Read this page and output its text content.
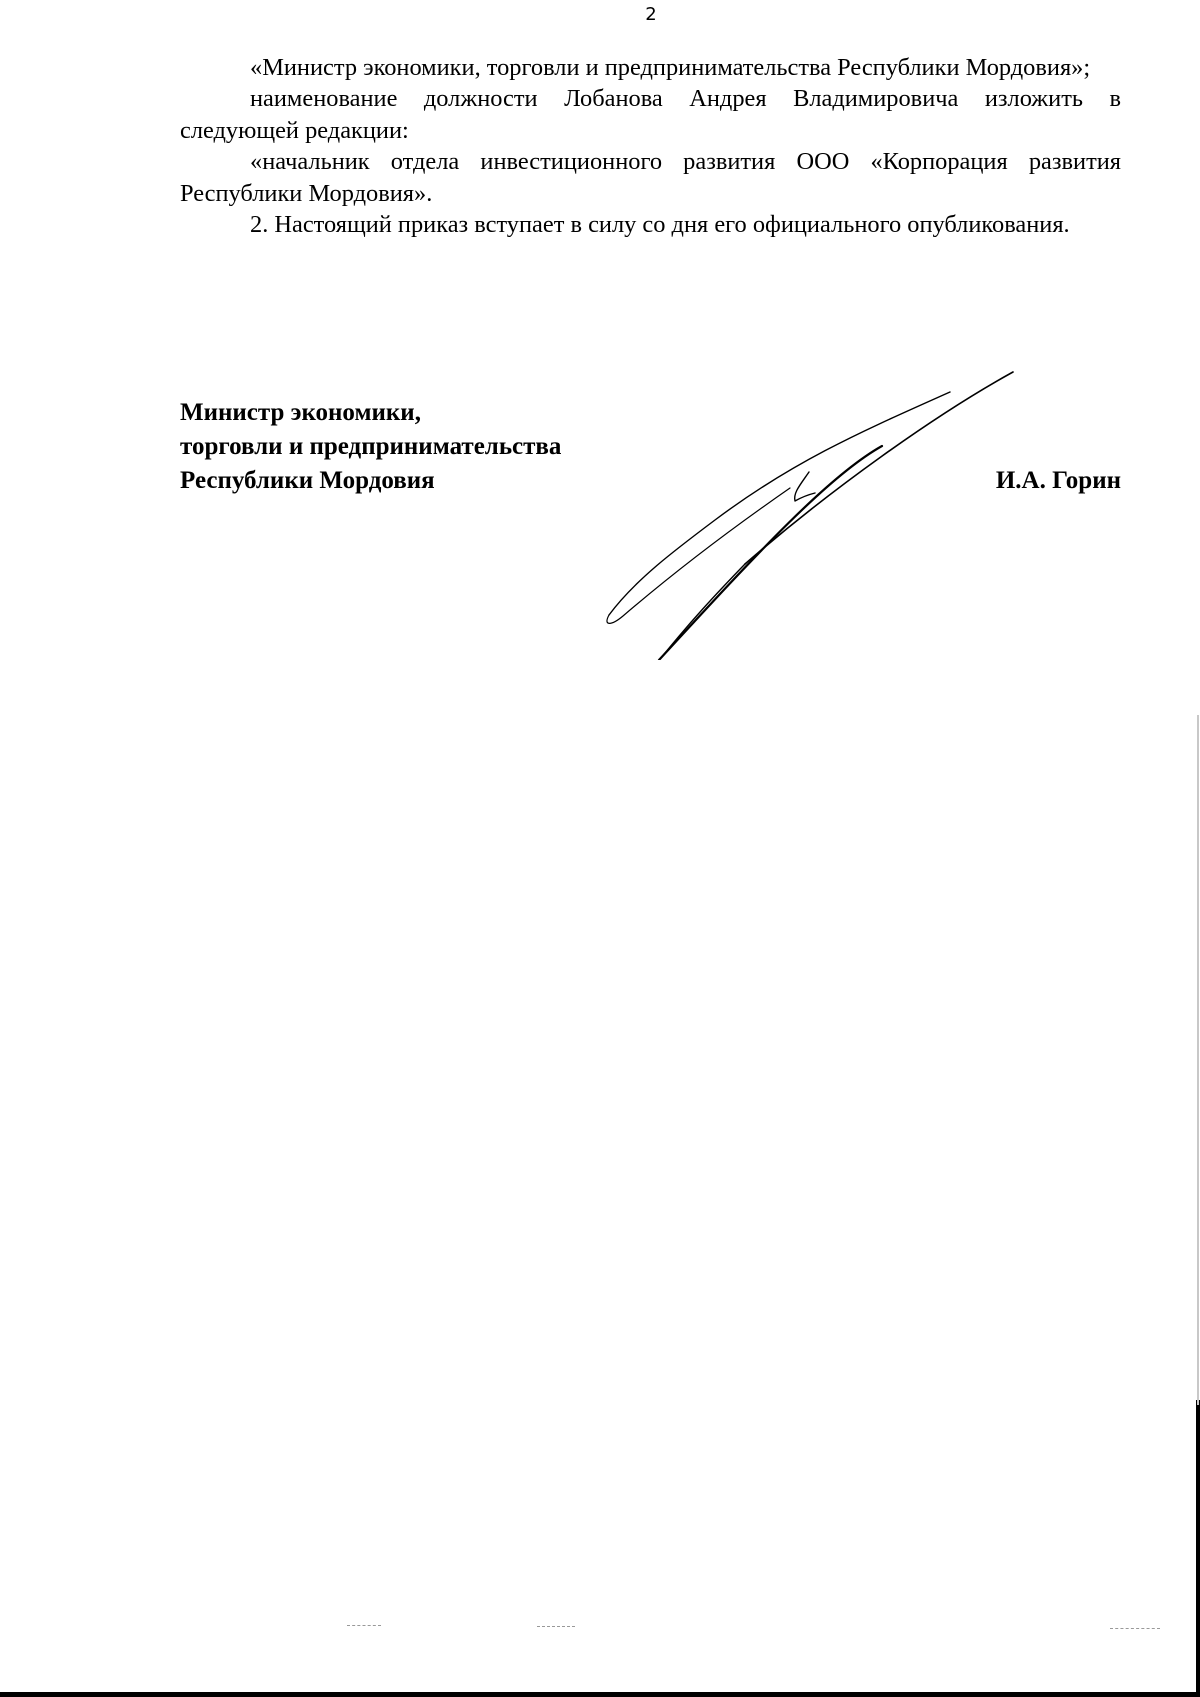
2

«Министр экономики, торговли и предпринимательства Республики Мордовия»;

наименование должности Лобанова Андрея Владимировича изложить в следующей редакции:

«начальник отдела инвестиционного развития ООО «Корпорация развития Республики Мордовия».

2. Настоящий приказ вступает в силу со дня его официального опубликования.

Министр экономики,
торговли и предпринимательства
Республики Мордовия	И.А. Горин
